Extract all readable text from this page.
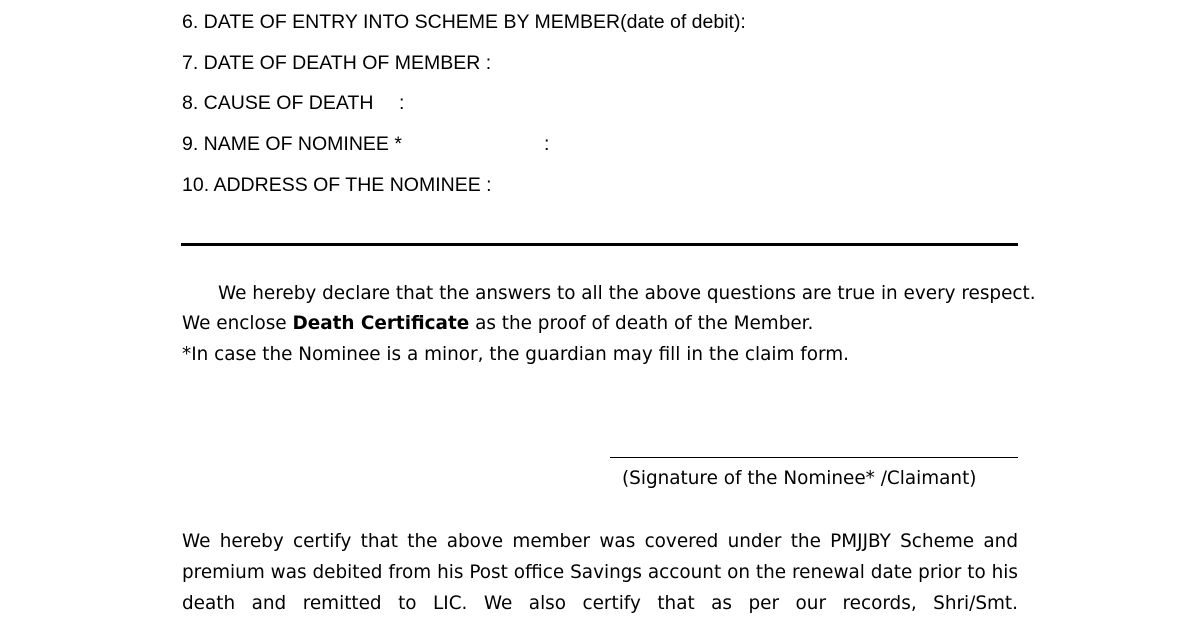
6. DATE OF ENTRY INTO SCHEME BY MEMBER(date of debit):
7. DATE OF DEATH OF MEMBER :
8. CAUSE OF DEATH :
9. NAME OF NOMINEE *	:
10. ADDRESS OF THE NOMINEE :
We hereby declare that the answers to all the above questions are true in every respect.
We enclose Death Certificate as the proof of death of the Member.
*In case the Nominee is a minor, the guardian may fill in the claim form.
(Signature of the Nominee* /Claimant)
We hereby certify that the above member was covered under the PMJJBY Scheme and
premium was debited from his Post office Savings account on the renewal date prior to his
death and remitted to LIC. We also certify that as per our records, Shri/Smt.
